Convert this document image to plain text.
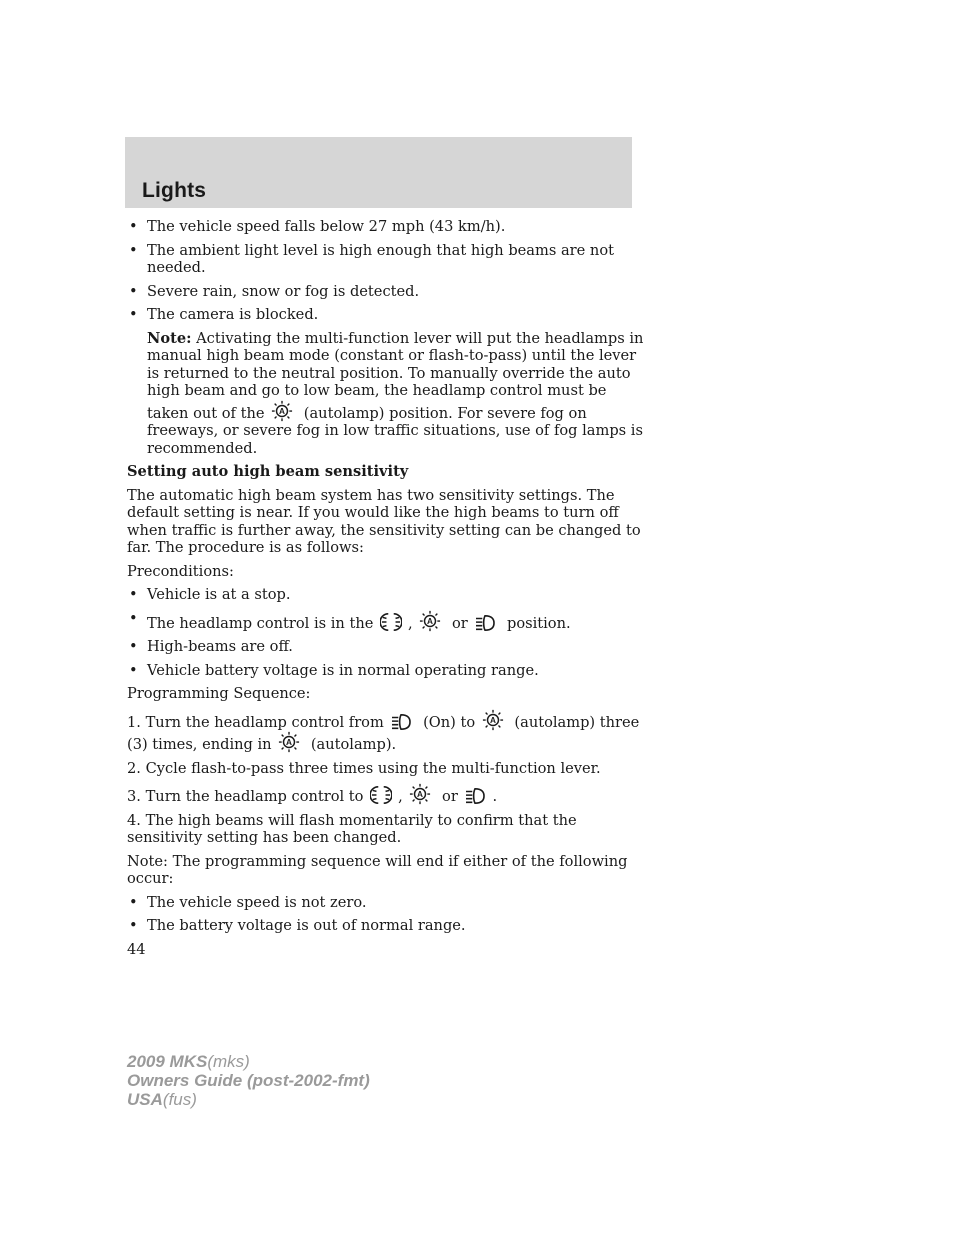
Lights
• The vehicle speed falls below 27 mph (43 km/h).
• The ambient light level is high enough that high beams are not needed.
• Severe rain, snow or fog is detected.
• The camera is blocked.

Note: Activating the multi-function lever will put the headlamps in manual high beam mode (constant or flash-to-pass) until the lever is returned to the neutral position. To manually override the auto high beam and go to low beam, the headlamp control must be taken out of the	(autolamp) position. For severe fog on freeways, or severe fog in low traffic situations, use of fog lamps is recommended.

Setting auto high beam sensitivity

The automatic high beam system has two sensitivity settings. The default setting is near. If you would like the high beams to turn off when traffic is further away, the sensitivity setting can be changed to far. The procedure is as follows:

Preconditions:

• Vehicle is at a stop.
• The headlamp control is in the ,	or	position.
• High-beams are off.
• Vehicle battery voltage is in normal operating range.

Programming Sequence:

1. Turn the headlamp control from	(On) to	(autolamp) three (3) times, ending in	(autolamp).

2. Cycle flash-to-pass three times using the multi-function lever.

3. Turn the headlamp control to ,	or .

4. The high beams will flash momentarily to confirm that the sensitivity setting has been changed.

Note: The programming sequence will end if either of the following occur:

• The vehicle speed is not zero.
• The battery voltage is out of normal range.
44
2009 MKS(mks)
Owners Guide (post-2002-fmt)
USA(fus)
